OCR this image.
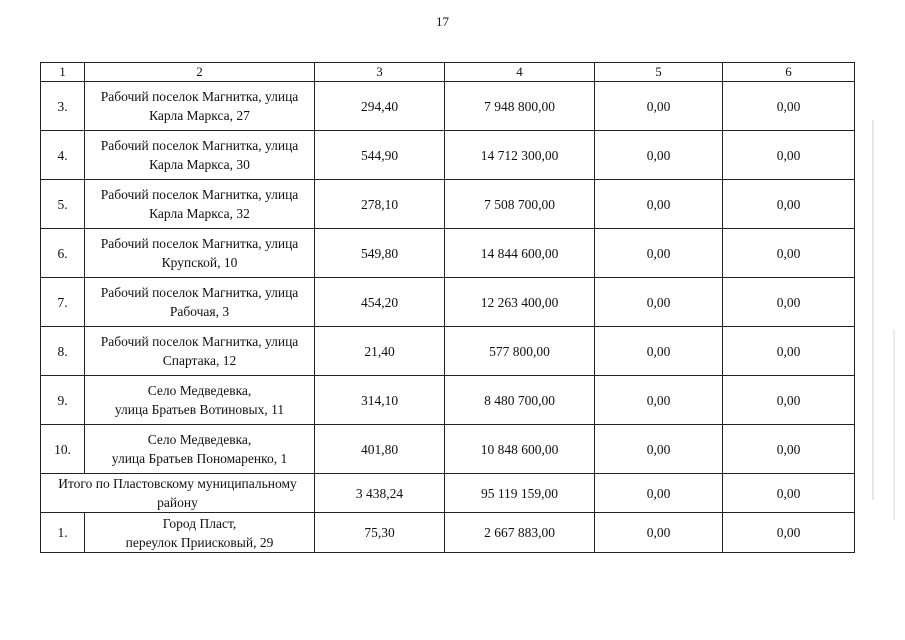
17
1	2	3	4	5	6
3.	Рабочий поселок Магнитка, улица
Карла Маркса, 27	294,40	7 948 800,00	0,00	0,00
4.	Рабочий поселок Магнитка, улица
Карла Маркса, 30	544,90	14 712 300,00	0,00	0,00
5.	Рабочий поселок Магнитка, улица
Карла Маркса, 32	278,10	7 508 700,00	0,00	0,00
6.	Рабочий поселок Магнитка, улица
Крупской, 10	549,80	14 844 600,00	0,00	0,00
7.	Рабочий поселок Магнитка, улица
Рабочая, 3	454,20	12 263 400,00	0,00	0,00
8.	Рабочий поселок Магнитка, улица
Спартака, 12	21,40	577 800,00	0,00	0,00
9.	Село Медведевка,
улица Братьев Вотиновых, 11	314,10	8 480 700,00	0,00	0,00
10.	Село Медведевка,
улица Братьев Пономаренко, 1	401,80	10 848 600,00	0,00	0,00
Итого по Пластовскому муниципальному
району		3 438,24	95 119 159,00	0,00	0,00
1.	Город Пласт,
переулок Приисковый, 29	75,30	2 667 883,00	0,00	0,00
